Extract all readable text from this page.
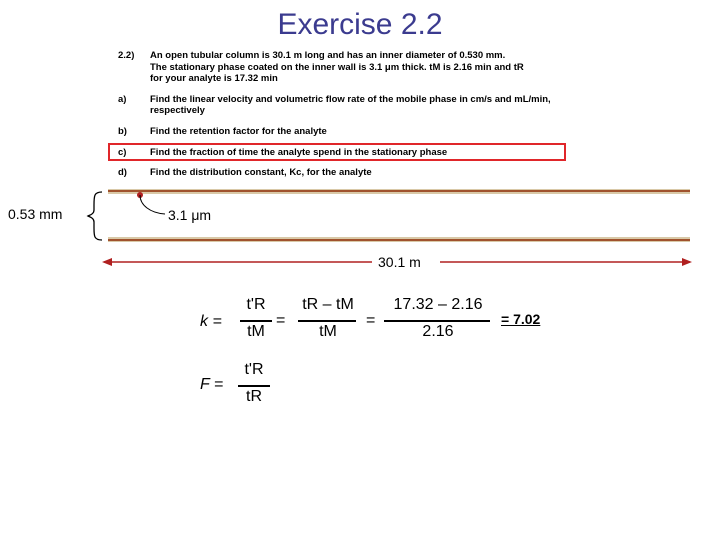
Exercise 2.2
2.2)	An open tubular column is 30.1 m long and has an inner diameter of 0.530 mm.
The stationary phase coated on the inner wall is 3.1 μm thick. tM is 2.16 min and tR
for your analyte is 17.32 min
a)	Find the linear velocity and volumetric flow rate of the mobile phase in cm/s and mL/min, respectively
b)	Find the retention factor for the analyte
c)	Find the fraction of time the analyte spend in the stationary phase
d)	Find the distribution constant, Kc, for the analyte
0.53 mm	3.1 μm
30.1 m
k =
t'R
tM
=
tR – tM
tM
=
17.32 – 2.16
2.16
= 7.02
F =
t'R
tR
